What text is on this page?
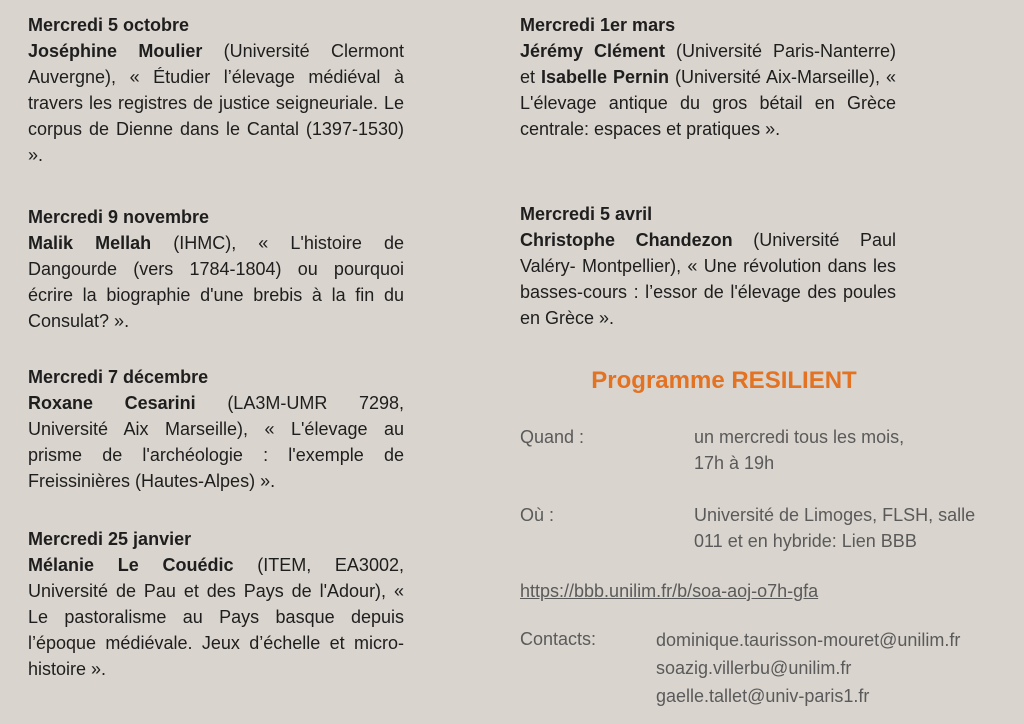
Mercredi 5 octobre

Joséphine Moulier (Université Clermont Auvergne), « Étudier l’élevage médiéval à travers les registres de justice seigneuriale. Le corpus de Dienne dans le Cantal (1397-1530) ».

Mercredi 9 novembre

Malik Mellah (IHMC), « L'histoire de Dangourde (vers 1784-1804) ou pourquoi écrire la biographie d'une brebis à la fin du Consulat? ».

Mercredi 7 décembre

Roxane Cesarini (LA3M-UMR 7298, Université Aix Marseille), « L'élevage au prisme de l'archéologie : l'exemple de Freissinières (Hautes-Alpes) ».

Mercredi 25 janvier

Mélanie Le Couédic (ITEM, EA3002, Université de Pau et des Pays de l'Adour), « Le pastoralisme au Pays basque depuis l’époque médiévale. Jeux d’échelle et micro-histoire ».

Mercredi 1er mars

Jérémy Clément (Université Paris-Nanterre) et Isabelle Pernin (Université Aix-Marseille), « L'élevage antique du gros bétail en Grèce centrale: espaces et pratiques ».

Mercredi 5 avril

Christophe Chandezon (Université Paul Valéry- Montpellier), « Une révolution dans les basses-cours : l’essor de l'élevage des poules en Grèce ».

Programme RESILIENT

Quand :	un mercredi tous les mois,

17h à 19h

Où :	Université de Limoges, FLSH, salle

011 et en hybride: Lien BBB

https://bbb.unilim.fr/b/soa-aoj-o7h-gfa
Contacts:	dominique.taurisson-mouret@unilim.fr
soazig.villerbu@unilim.fr
gaelle.tallet@univ-paris1.fr
